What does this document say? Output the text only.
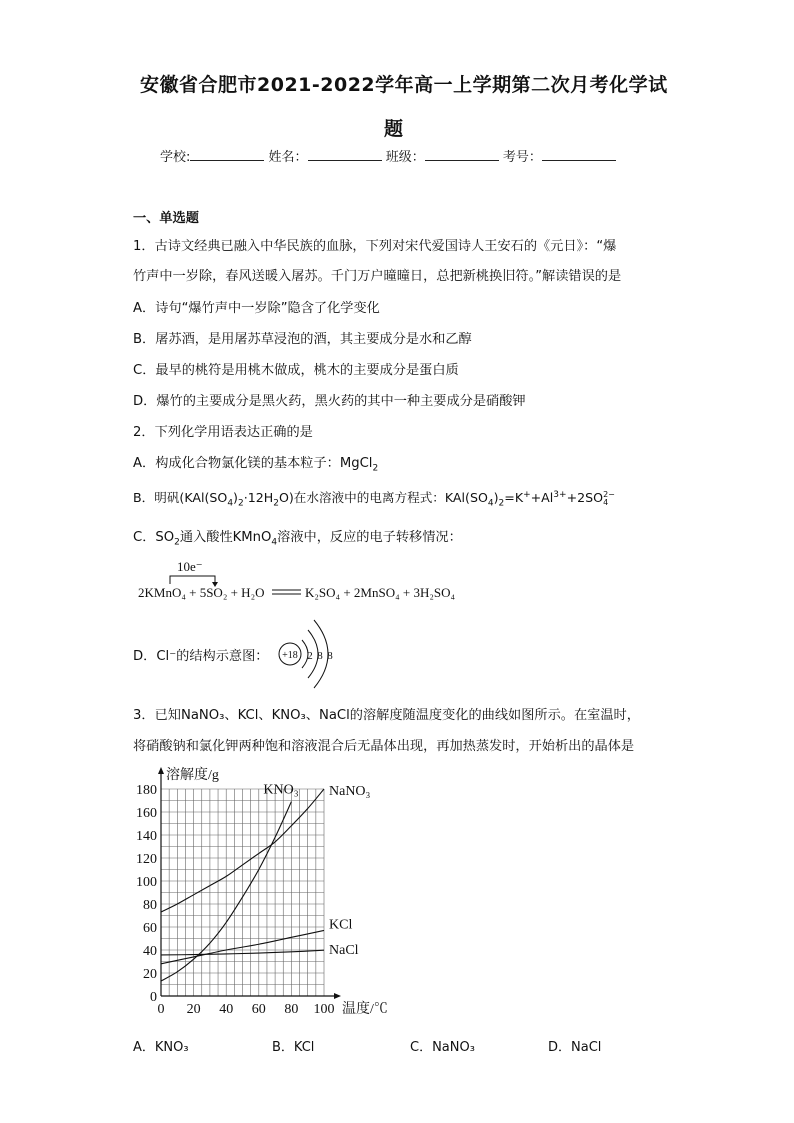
安徽省合肥市2021-2022学年高一上学期第二次月考化学试
题
学校:	姓名：	班级：	考号：
一、单选题
1．古诗文经典已融入中华民族的血脉，下列对宋代爱国诗人王安石的《元日》：“爆
竹声中一岁除，春风送暖入屠苏。千门万户曈曈日，总把新桃换旧符。”解读错误的是
A．诗句“爆竹声中一岁除”隐含了化学变化
B．屠苏酒，是用屠苏草浸泡的酒，其主要成分是水和乙醇
C．最早的桃符是用桃木做成，桃木的主要成分是蛋白质
D．爆竹的主要成分是黑火药，黑火药的其中一种主要成分是硝酸钾
2．下列化学用语表达正确的是
A．构成化合物氯化镁的基本粒子：MgCl$_2$
B．明矾$(KAl(SO_4)_2\cdot 12H_2O)$在水溶液中的电离方程式：$KAl(SO_4)_2=K^++Al^{3+}+2SO$ 2−
4
C．$SO_2$通入酸性KMnO$_4$溶液中，反应的电子转移情况：
10e⁻
2KMnO₄ + 5SO₂ + H₂O	K₂SO₄ + 2MnSO₄ + 3H₂SO₄
D．Cl⁻的结构示意图： +18 2 8 8
3．已知NaNO₃、KCl、KNO₃、NaCl的溶解度随温度变化的曲线如图所示。在室温时，
将硝酸钠和氯化钾两种饱和溶液混合后无晶体出现，再加热蒸发时，开始析出的晶体是
0
20
40
60
80
100
120
140
160
180
0 20 40 60 80 100
溶解度/g
温度/℃
KNO₃ NaNO₃
KCl
NaCl
A．KNO₃	B．KCl	C．NaNO₃	D．NaCl
